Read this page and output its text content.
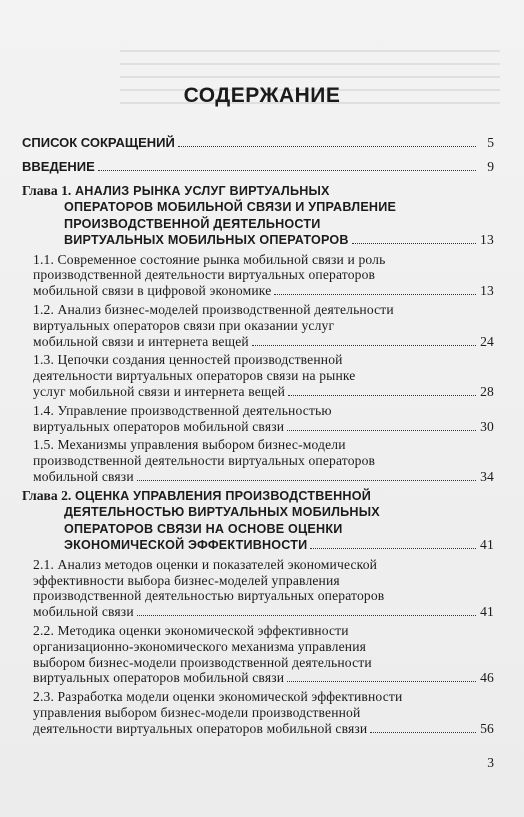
СОДЕРЖАНИЕ
СПИСОК СОКРАЩЕНИЙ	5
ВВЕДЕНИЕ	9
Глава 1. АНАЛИЗ РЫНКА УСЛУГ ВИРТУАЛЬНЫХ
ОПЕРАТОРОВ МОБИЛЬНОЙ СВЯЗИ И УПРАВЛЕНИЕ
ПРОИЗВОДСТВЕННОЙ ДЕЯТЕЛЬНОСТИ
ВИРТУАЛЬНЫХ МОБИЛЬНЫХ ОПЕРАТОРОВ	13
1.1. Современное состояние рынка мобильной связи и роль
производственной деятельности виртуальных операторов
мобильной связи в цифровой экономике	13
1.2. Анализ бизнес-моделей производственной деятельности
виртуальных операторов связи при оказании услуг
мобильной связи и интернета вещей	24
1.3. Цепочки создания ценностей производственной
деятельности виртуальных операторов связи на рынке
услуг мобильной связи и интернета вещей	28
1.4. Управление производственной деятельностью
виртуальных операторов мобильной связи	30
1.5. Механизмы управления выбором бизнес-модели
производственной деятельности виртуальных операторов
мобильной связи	34
Глава 2. ОЦЕНКА УПРАВЛЕНИЯ ПРОИЗВОДСТВЕННОЙ
ДЕЯТЕЛЬНОСТЬЮ ВИРТУАЛЬНЫХ МОБИЛЬНЫХ
ОПЕРАТОРОВ СВЯЗИ НА ОСНОВЕ ОЦЕНКИ
ЭКОНОМИЧЕСКОЙ ЭФФЕКТИВНОСТИ	41
2.1. Анализ методов оценки и показателей экономической
эффективности выбора бизнес-моделей управления
производственной деятельностью виртуальных операторов
мобильной связи	41
2.2. Методика оценки экономической эффективности
организационно-экономического механизма управления
выбором бизнес-модели производственной деятельности
виртуальных операторов мобильной связи	46
2.3. Разработка модели оценки экономической эффективности
управления выбором бизнес-модели производственной
деятельности виртуальных операторов мобильной связи	56
3
